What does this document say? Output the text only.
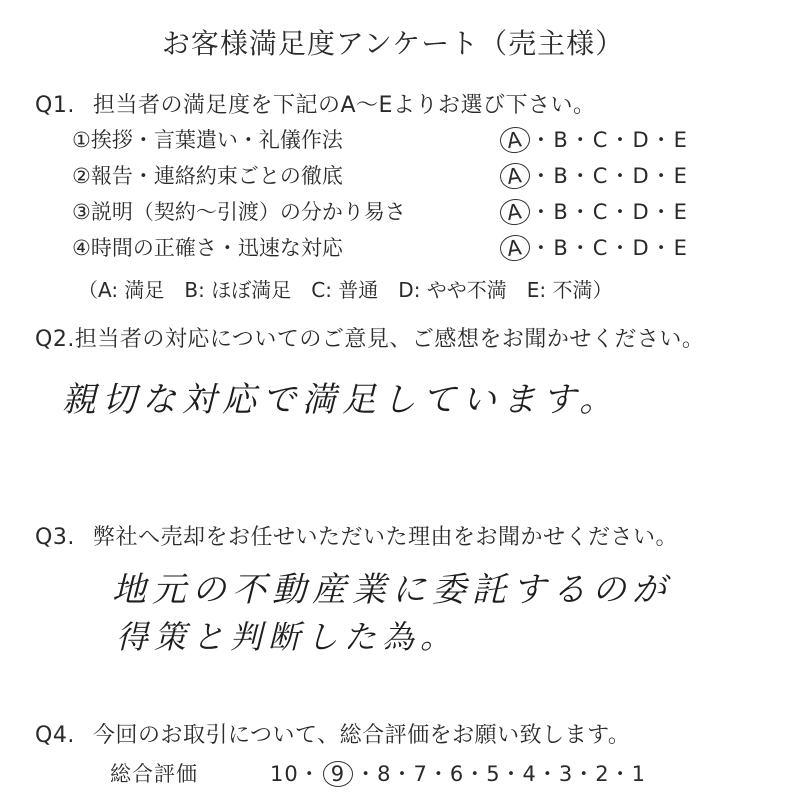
お客様満足度アンケート（売主様）
Q1. 担当者の満足度を下記のA～Eよりお選び下さい。
①挨拶・言葉遣い・礼儀作法	A ・B・C・D・E
②報告・連絡約束ごとの徹底	A ・B・C・D・E
③説明（契約～引渡）の分かり易さ	A ・B・C・D・E
④時間の正確さ・迅速な対応	A ・B・C・D・E
（A: 満足　B: ほぼ満足　C: 普通　D: やや不満　E: 不満）
Q2.担当者の対応についてのご意見、ご感想をお聞かせください。
親切な対応で満足しています。
Q3. 弊社へ売却をお任せいただいた理由をお聞かせください。
地元の不動産業に委託するのが
得策と判断した為。
Q4. 今回のお取引について、総合評価をお願い致します。
総合評価	10・ 9 ・8・7・6・5・4・3・2・1
